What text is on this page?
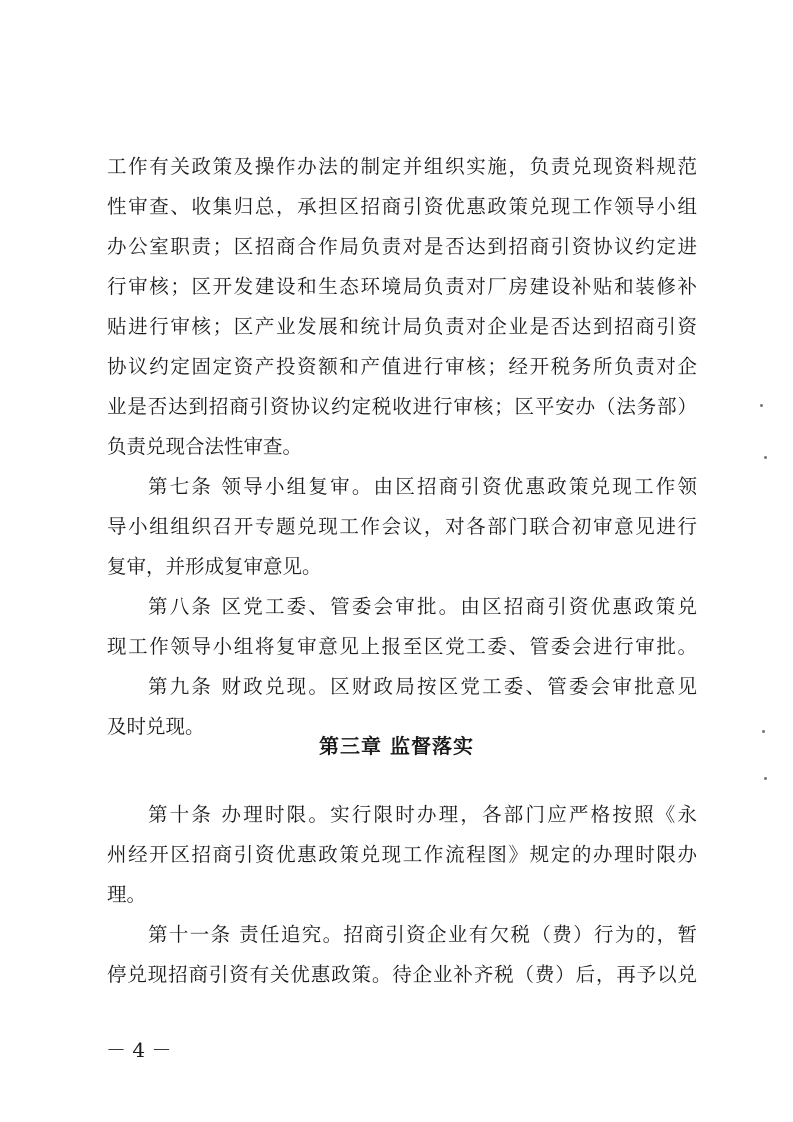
工作有关政策及操作办法的制定并组织实施，负责兑现资料规范
性审查、收集归总，承担区招商引资优惠政策兑现工作领导小组
办公室职责；区招商合作局负责对是否达到招商引资协议约定进
行审核；区开发建设和生态环境局负责对厂房建设补贴和装修补
贴进行审核；区产业发展和统计局负责对企业是否达到招商引资
协议约定固定资产投资额和产值进行审核；经开税务所负责对企
业是否达到招商引资协议约定税收进行审核；区平安办（法务部）
负责兑现合法性审查。
第七条 领导小组复审。由区招商引资优惠政策兑现工作领
导小组组织召开专题兑现工作会议，对各部门联合初审意见进行
复审，并形成复审意见。
第八条 区党工委、管委会审批。由区招商引资优惠政策兑
现工作领导小组将复审意见上报至区党工委、管委会进行审批。
第九条 财政兑现。区财政局按区党工委、管委会审批意见
及时兑现。
第三章 监督落实
第十条 办理时限。实行限时办理，各部门应严格按照《永
州经开区招商引资优惠政策兑现工作流程图》规定的办理时限办
理。
第十一条 责任追究。招商引资企业有欠税（费）行为的，暂
停兑现招商引资有关优惠政策。待企业补齐税（费）后，再予以兑
－ 4 －
